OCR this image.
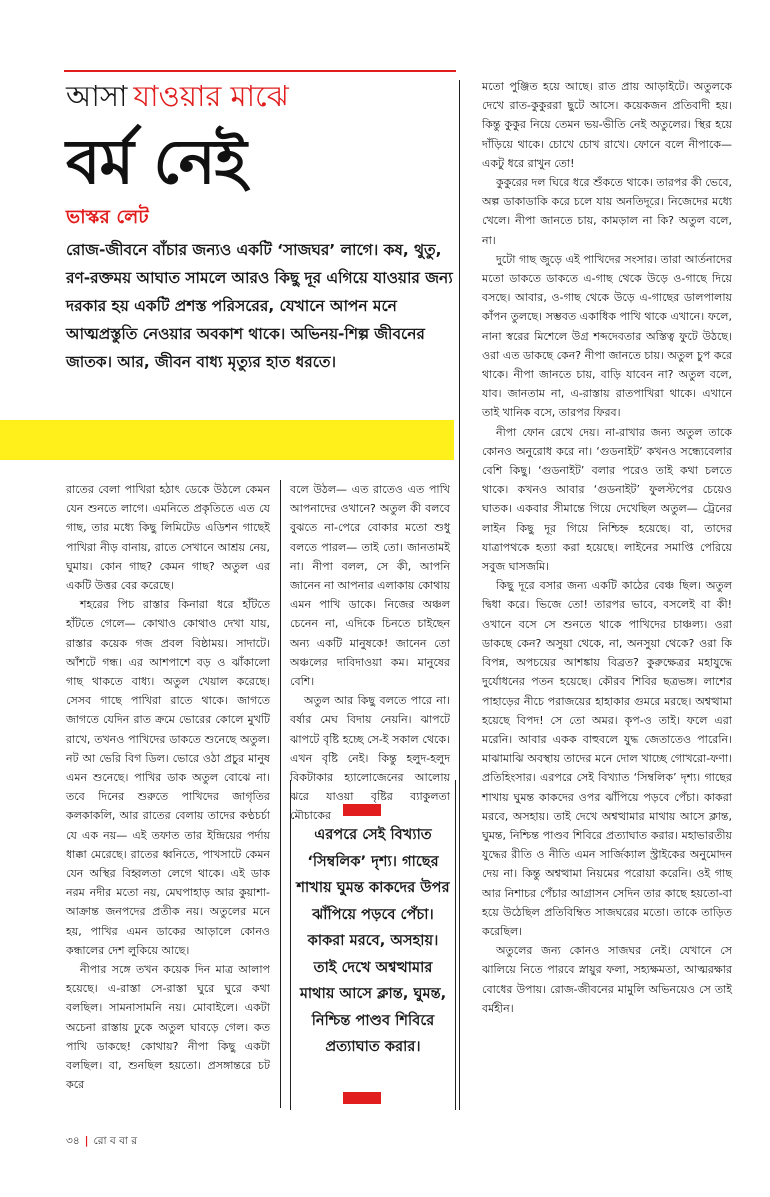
আসা যাওয়ার মাঝে
বর্ম নেই
ভাস্কর লেট

রোজ-জীবনে বাঁচার জন্যও একটি ‘সাজঘর’ লাগে। কষ, থুতু, রণ-রক্তময় আঘাত সামলে আরও কিছু দূর এগিয়ে যাওয়ার জন্য দরকার হয় একটি প্রশস্ত পরিসরের, যেখানে আপন মনে আত্মপ্রস্তুতি নেওয়ার অবকাশ থাকে। অভিনয়-শিল্প জীবনের জাতক। আর, জীবন বাধ্য মৃত্যুর হাত ধরতে।

রাতের বেলা পাখিরা হঠাৎ ডেকে উঠলে কেমন যেন শুনতে লাগে। এমনিতে প্রকৃতিতে এত যে গাছ, তার মধ্যে কিছু লিমিটেড এডিশন গাছেই পাখিরা নীড় বানায়, রাতে সেখানে আশ্রয় নেয়, ঘুমায়। কোন গাছ? কেমন গাছ? অতুল এর একটি উত্তর বের করেছে।

শহরের পিচ রাস্তার কিনারা ধরে হাঁটতে হাঁটতে গেলে— কোথাও কোথাও দেখা যায়, রাস্তার কয়েক গজ প্রবল বিষ্ঠাময়। সাদাটে। আঁশটে গন্ধ। এর আশপাশে বড় ও ঝাঁকালো গাছ থাকতে বাধ্য। অতুল খেয়াল করেছে। সেসব গাছে পাখিরা রাতে থাকে। জাগতে জাগতে যেদিন রাত ক্রমে ভোরের কোলে মুখটি রাখে, তখনও পাখিদের ডাকতে শুনেছে অতুল। নট আ ভেরি বিগ ডিল। ভোরে ওঠা প্রচুর মানুষ এমন শুনেছে। পাখির ডাক অতুল বোঝে না। তবে দিনের শুরুতে পাখিদের জাগৃতির কলকাকলি, আর রাতের বেলায় তাদের কণ্ঠচর্চা যে এক নয়— এই তফাত তার ইন্দ্রিয়ের পর্দায় ধাক্কা মেরেছে। রাতের ধ্বনিতে, পাখসাটে কেমন যেন অস্থির বিহ্বলতা লেগে থাকে। এই ডাক নরম নদীর মতো নয়, মেঘপাহাড় আর কুয়াশা-আক্রান্ত জনপদের প্রতীক নয়। অতুলের মনে হয়, পাখির এমন ডাকের আড়ালে কোনও কন্ধালের দেশ লুকিয়ে আছে।

নীপার সঙ্গে তখন কয়েক দিন মাত্র আলাপ হয়েছে। এ-রাস্তা সে-রাস্তা ঘুরে ঘুরে কথা বলছিল। সামনাসামনি নয়। মোবাইলে। একটা অচেনা রাস্তায় ঢুকে অতুল ঘাবড়ে গেল। কত পাখি ডাকছে! কোথায়? নীপা কিছু একটা বলছিল। বা, শুনছিল হয়তো। প্রসঙ্গান্তরে চট করে

বলে উঠল— এত রাতেও এত পাখি আপনাদের ওখানে? অতুল কী বলবে বুঝতে না-পেরে বোকার মতো শুধু বলতে পারল— তাই তো। জানতামই না। নীপা বলল, সে কী, আপনি জানেন না আপনার এলাকায় কোথায় এমন পাখি ডাকে। নিজের অঞ্চল চেনেন না, এদিকে চিনতে চাইছেন অন্য একটি মানুষকে! জানেন তো অঞ্চলের দাবিদাওয়া কম। মানুষের বেশি।

অতুল আর কিছু বলতে পারে না। বর্ষার মেঘ বিদায় নেয়নি। ঝাপটে ঝাপটে বৃষ্টি হচ্ছে সে-ই সকাল থেকে। এখন বৃষ্টি নেই। কিন্তু হলুদ-হলুদ বিকটাকার হ্যালোজেনের আলোয় ঝরে যাওয়া বৃষ্টির ব্যাকুলতা মৌচাকের

এরপরে সেই বিখ্যাত ‘সিম্বলিক’ দৃশ্য। গাছের শাখায় ঘুমন্ত কাকদের উপর ঝাঁপিয়ে পড়বে পেঁচা। কাকরা মরবে, অসহায়। তাই দেখে অশ্বত্থামার মাথায় আসে ক্লান্ত, ঘুমন্ত, নিশ্চিন্ত পাণ্ডব শিবিরে প্রত্যাঘাত করার।

মতো পুঞ্জিত হয়ে আছে। রাত প্রায় আড়াইটে। অতুলকে দেখে রাত-কুকুররা ছুটে আসে। কয়েকজন প্রতিবাদী হয়। কিন্তু কুকুর নিয়ে তেমন ভয়-ভীতি নেই অতুলের। স্থির হয়ে দাঁড়িয়ে থাকে। চোখে চোখ রাখে। ফোনে বলে নীপাকে— একটু ধরে রাখুন তো!

কুকুরের দল ঘিরে ধরে শুঁকতে থাকে। তারপর কী ভেবে, অল্প ডাকাডাকি করে চলে যায় অনতিদূরে। নিজেদের মধ্যে খেলে। নীপা জানতে চায়, কামড়াল না কি? অতুল বলে, না।

দুটো গাছ জুড়ে এই পাখিদের সংসার। তারা আর্তনাদের মতো ডাকতে ডাকতে এ-গাছ থেকে উড়ে ও-গাছে দিয়ে বসছে। আবার, ও-গাছ থেকে উড়ে এ-গাছের ডালপালায় কাঁপন তুলছে। সম্ভবত একাধিক পাখি থাকে এখানে। ফলে, নানা স্বরের মিশেলে উগ্র শব্দদেবতার অস্তিত্ব ফুটে উঠছে। ওরা এত ডাকছে কেন? নীপা জানতে চায়। অতুল চুপ করে থাকে। নীপা জানতে চায়, বাড়ি যাবেন না? অতুল বলে, যাব। জানতাম না, এ-রাস্তায় রাতপাখিরা থাকে। এখানে তাই খানিক বসে, তারপর ফিরব।

নীপা ফোন রেখে দেয়। না-রাখার জন্য অতুল তাকে কোনও অনুরোধ করে না। ‘গুডনাইট’ কখনও সন্ধ্যেবেলার বেশি কিছু। ‘গুডনাইট’ বলার পরেও তাই কথা চলতে থাকে। কখনও আবার ‘গুডনাইট’ ফুলস্টপের চেয়েও ঘাতক। একবার সীমান্তে গিয়ে দেখেছিল অতুল— ট্রেনের লাইন কিছু দূর গিয়ে নিশ্চিহ্ন হয়েছে। বা, তাদের যাত্রাপথকে হত্যা করা হয়েছে। লাইনের সমাপ্তি পেরিয়ে সবুজ ঘাসজমি।

কিছু দূরে বসার জন্য একটি কাঠের বেঞ্চ ছিল। অতুল দ্বিধা করে। ভিজে তো! তারপর ভাবে, বসলেই বা কী! ওখানে বসে সে শুনতে থাকে পাখিদের চাঞ্চল্য। ওরা ডাকছে কেন? অসুয়া থেকে, না, অনসুয়া থেকে? ওরা কি বিপন্ন, অপচয়ের আশঙ্কায় বিব্রত? কুরুক্ষেত্রর মহাযুদ্ধে দুর্যোধনের পতন হয়েছে। কৌরব শিবির ছত্রভঙ্গ। লাশের পাহাড়ের নীচে পরাজয়ের হাহাকার গুমরে মরছে। অশ্বত্থামা হয়েছে বিপদ! সে তো অমর। কৃপ-ও তাই। ফলে এরা মরেনি। আবার একক বাহুবলে যুদ্ধ জেতাতেও পারেনি। মাঝামাঝি অবস্থায় তাদের মনে দোল খাচ্ছে গোখরো-ফণা। প্রতিহিংসার। এরপরে সেই বিখ্যাত ‘সিম্বলিক’ দৃশ্য। গাছের শাখায় ঘুমন্ত কাকদের ওপর ঝাঁপিয়ে পড়বে পেঁচা। কাকরা মরবে, অসহায়। তাই দেখে অশ্বত্থামার মাথায় আসে ক্লান্ত, ঘুমন্ত, নিশ্চিন্ত পাণ্ডব শিবিরে প্রত্যাঘাত করার। মহাভারতীয় যুদ্ধের রীতি ও নীতি এমন সার্জিক্যাল স্ট্রাইকের অনুমোদন দেয় না। কিন্তু অশ্বত্থামা নিয়মের পরোয়া করেনি। ওই গাছ আর নিশাচর পেঁচার আগ্রাসন সেদিন তার কাছে হয়তো-বা হয়ে উঠেছিল প্রতিবিম্বিত সাজঘরের মতো। তাকে তাড়িত করেছিল।

অতুলের জন্য কোনও সাজঘর নেই। যেখানে সে ঝালিয়ে নিতে পারবে স্নায়ুর ফলা, সহ্যক্ষমতা, আত্মরক্ষার বোধের উপায়। রোজ-জীবনের মামুলি অভিনয়েও সে তাই বর্মহীন।

৩৪ | রো ব বা র
